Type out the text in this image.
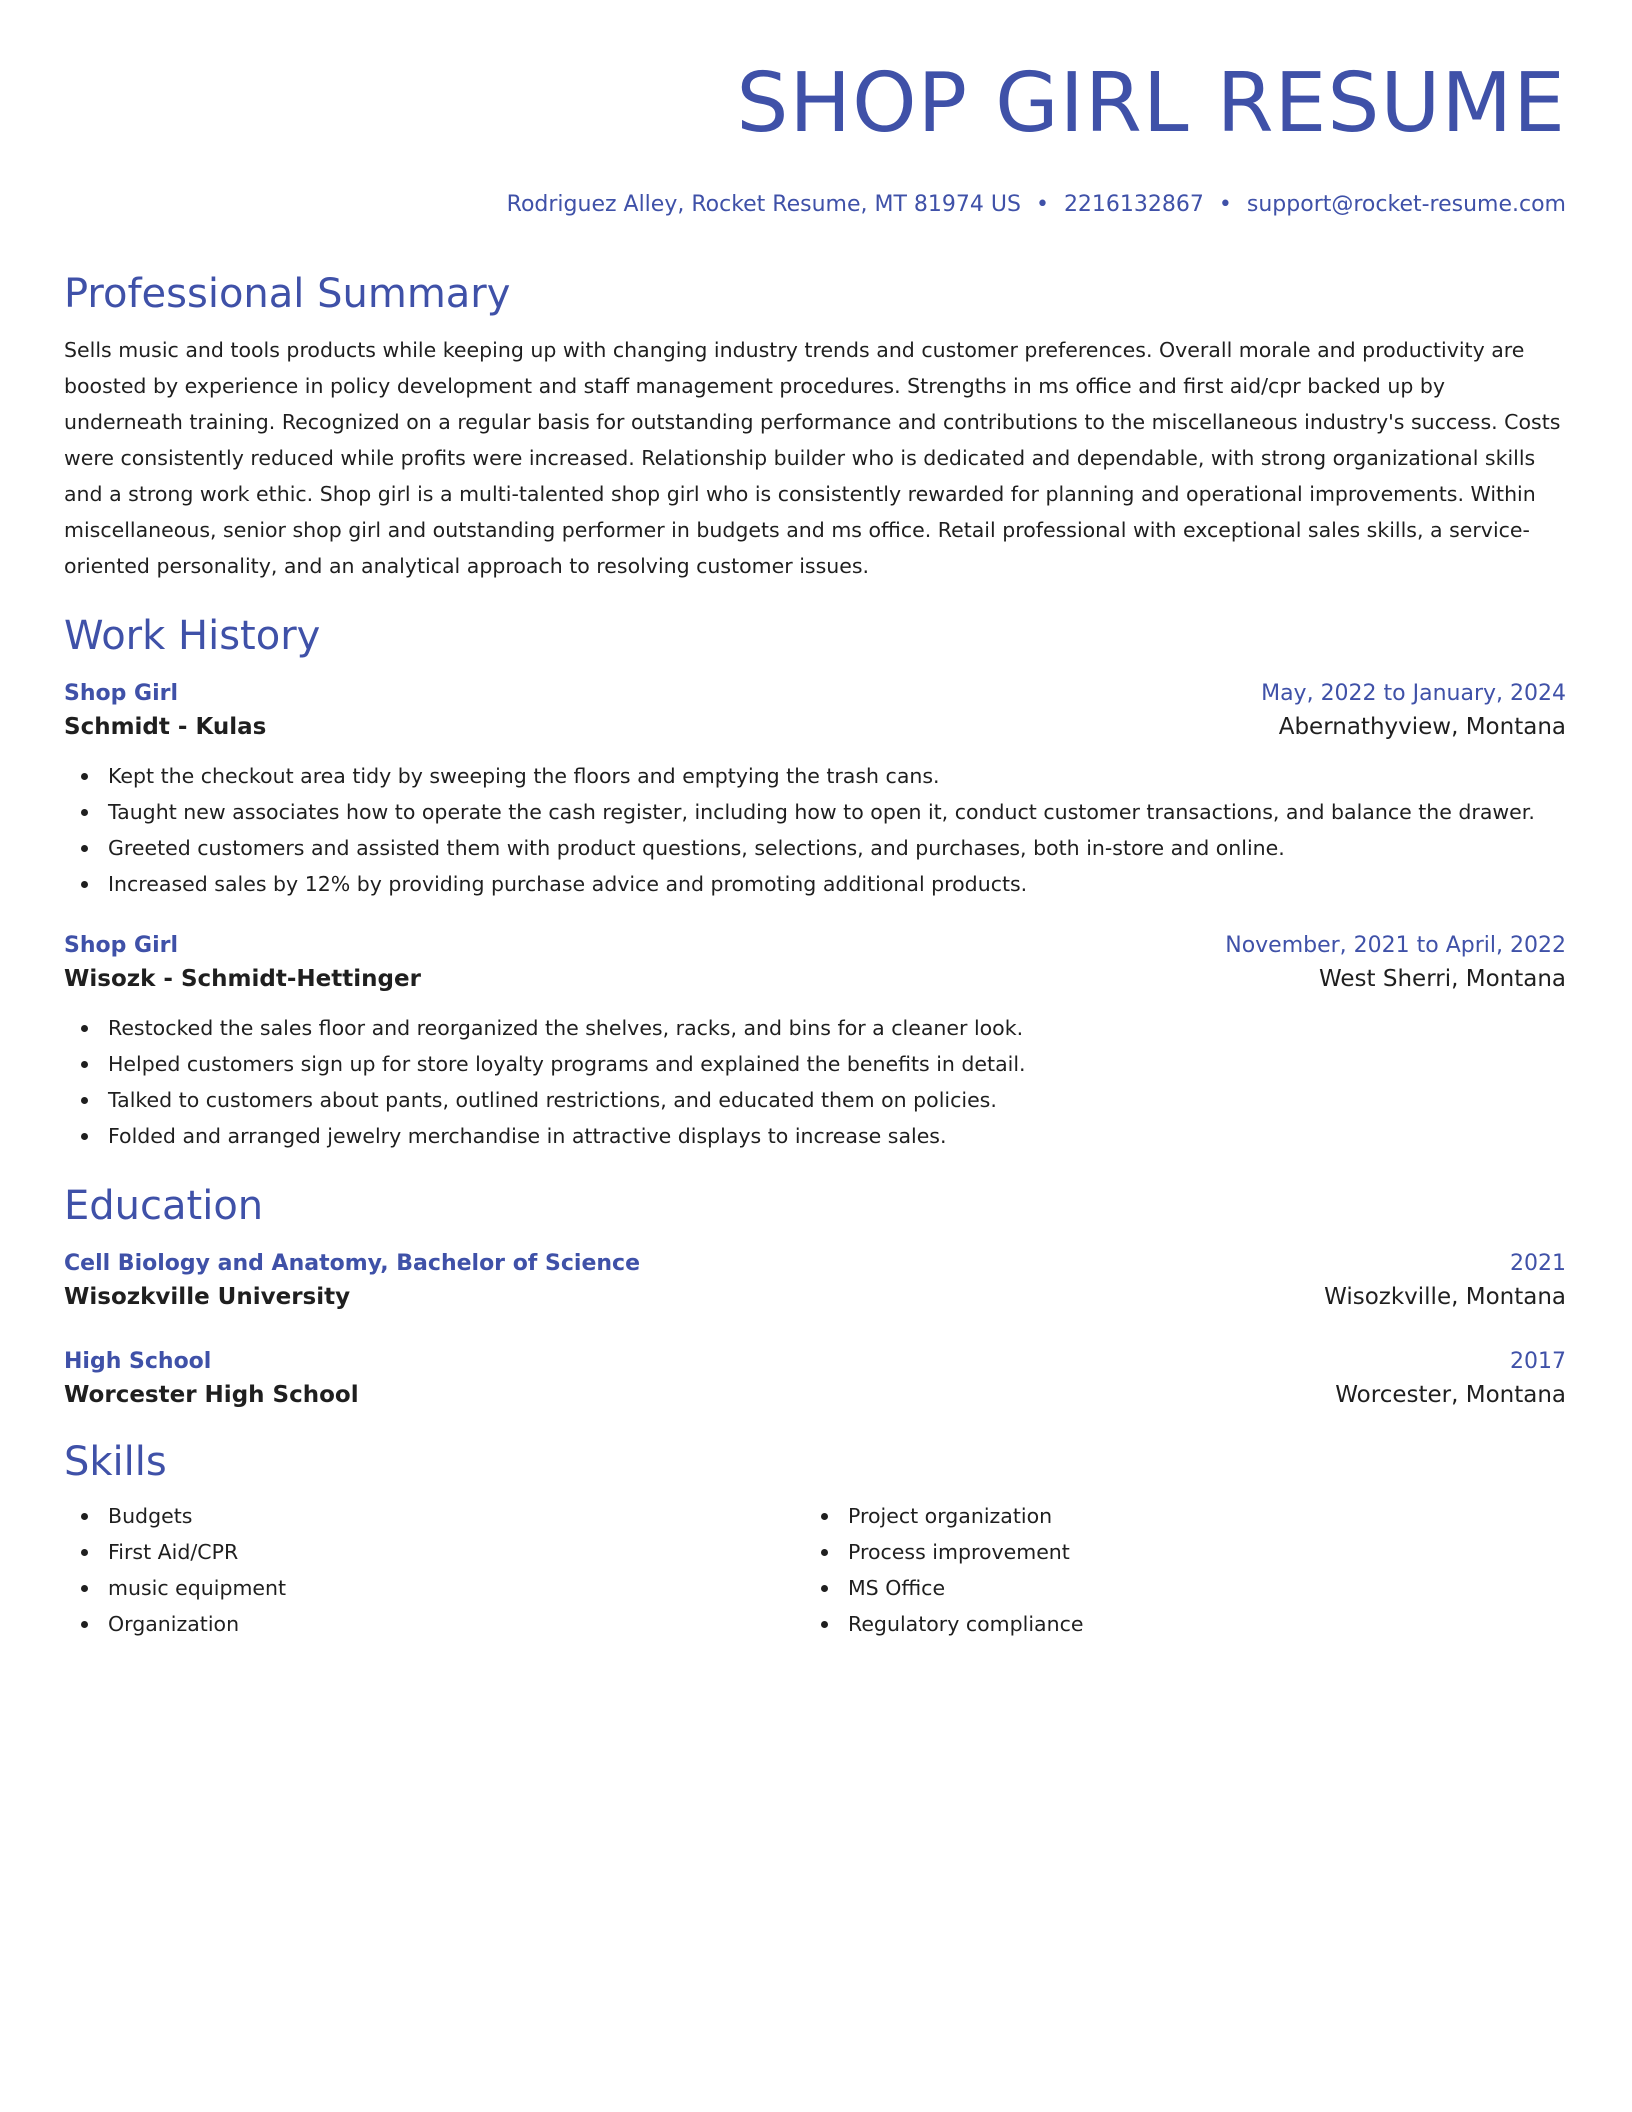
SHOP GIRL RESUME
Rodriguez Alley, Rocket Resume, MT 81974 US • 2216132867 • support@rocket-resume.com
Professional Summary
Sells music and tools products while keeping up with changing industry trends and customer preferences. Overall morale and productivity are boosted by experience in policy development and staff management procedures. Strengths in ms office and first aid/cpr backed up by underneath training. Recognized on a regular basis for outstanding performance and contributions to the miscellaneous industry's success. Costs were consistently reduced while profits were increased. Relationship builder who is dedicated and dependable, with strong organizational skills and a strong work ethic. Shop girl is a multi-talented shop girl who is consistently rewarded for planning and operational improvements. Within miscellaneous, senior shop girl and outstanding performer in budgets and ms office. Retail professional with exceptional sales skills, a service-oriented personality, and an analytical approach to resolving customer issues.
Work History
Shop Girl	May, 2022 to January, 2024
Schmidt - Kulas	Abernathyview, Montana
Kept the checkout area tidy by sweeping the floors and emptying the trash cans.
Taught new associates how to operate the cash register, including how to open it, conduct customer transactions, and balance the drawer.
Greeted customers and assisted them with product questions, selections, and purchases, both in-store and online.
Increased sales by 12% by providing purchase advice and promoting additional products.
Shop Girl	November, 2021 to April, 2022
Wisozk - Schmidt-Hettinger	West Sherri, Montana
Restocked the sales floor and reorganized the shelves, racks, and bins for a cleaner look.
Helped customers sign up for store loyalty programs and explained the benefits in detail.
Talked to customers about pants, outlined restrictions, and educated them on policies.
Folded and arranged jewelry merchandise in attractive displays to increase sales.
Education
Cell Biology and Anatomy, Bachelor of Science	2021
Wisozkville University	Wisozkville, Montana
High School	2017
Worcester High School	Worcester, Montana
Skills
Budgets
First Aid/CPR
music equipment
Organization
Project organization
Process improvement
MS Office
Regulatory compliance
